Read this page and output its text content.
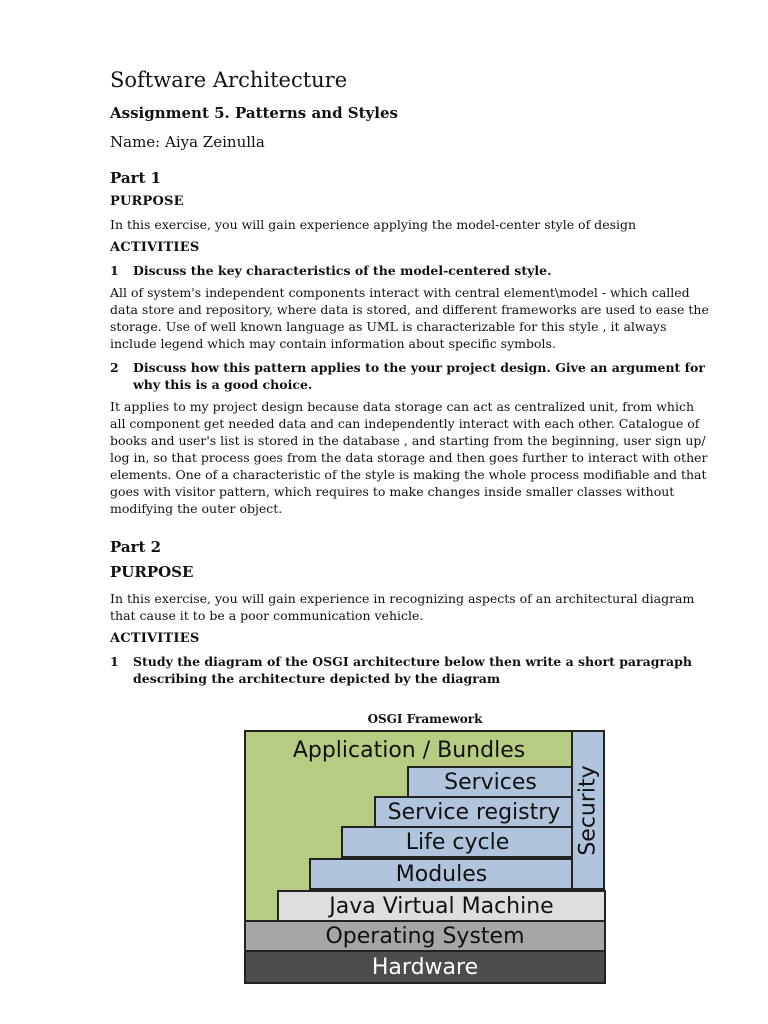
Software Architecture
Assignment 5. Patterns and Styles
Name: Aiya Zeinulla
Part 1
PURPOSE

In this exercise, you will gain experience applying the model-center style of design

ACTIVITIES
1	Discuss the key characteristics of the model-centered style.

All of system's independent components interact with central element\model - which called data store and repository, where data is stored, and different frameworks are used to ease the storage. Use of well known language as UML is characterizable for this style , it always include legend which may contain information about specific symbols.

2	Discuss how this pattern applies to the your project design. Give an argument for why this is a good choice.

It applies to my project design because data storage can act as centralized unit, from which all component get needed data and can independently interact with each other. Catalogue of books and user's list is stored in the database , and starting from the beginning, user sign up/ log in, so that process goes from the data storage and then goes further to interact with other elements. One of a characteristic of the style is making the whole process modifiable and that goes with visitor pattern, which requires to make changes inside smaller classes without modifying the outer object.

Part 2
PURPOSE

In this exercise, you will gain experience in recognizing aspects of an architectural diagram that cause it to be a poor communication vehicle.

ACTIVITIES
1	Study the diagram of the OSGI architecture below then write a short paragraph describing the architecture depicted by the diagram
OSGI Framework
Application / Bundles
Services
Service registry
Life cycle
Modules
Security
Java Virtual Machine
Operating System
Hardware
